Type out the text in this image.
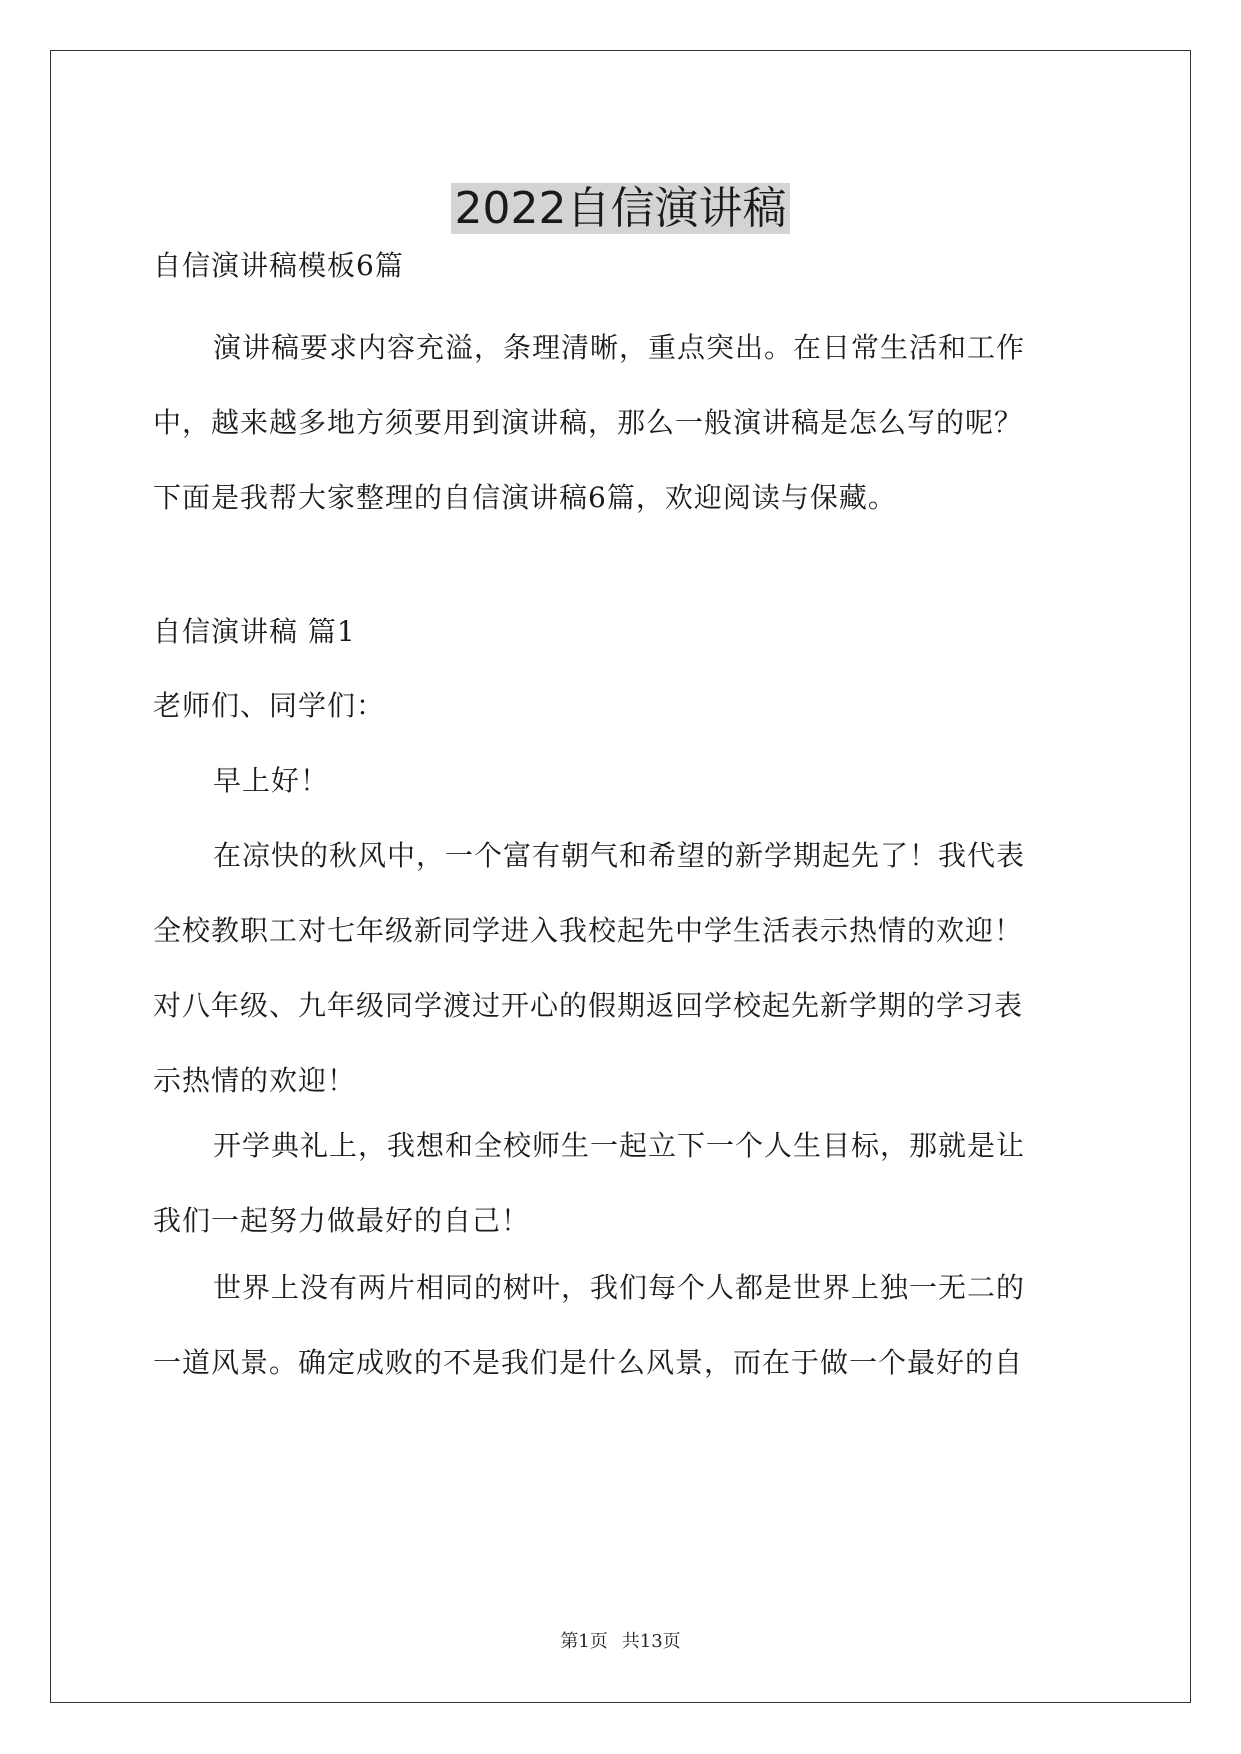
2022自信演讲稿
自信演讲稿模板6篇
演讲稿要求内容充溢，条理清晰，重点突出。在日常生活和工作
中，越来越多地方须要用到演讲稿，那么一般演讲稿是怎么写的呢？
下面是我帮大家整理的自信演讲稿6篇，欢迎阅读与保藏。
自信演讲稿 篇1
老师们、同学们：
早上好！
在凉快的秋风中，一个富有朝气和希望的新学期起先了！我代表
全校教职工对七年级新同学进入我校起先中学生活表示热情的欢迎！
对八年级、九年级同学渡过开心的假期返回学校起先新学期的学习表
示热情的欢迎！
开学典礼上，我想和全校师生一起立下一个人生目标，那就是让
我们一起努力做最好的自己！
世界上没有两片相同的树叶，我们每个人都是世界上独一无二的
一道风景。确定成败的不是我们是什么风景，而在于做一个最好的自
第1页 共13页
